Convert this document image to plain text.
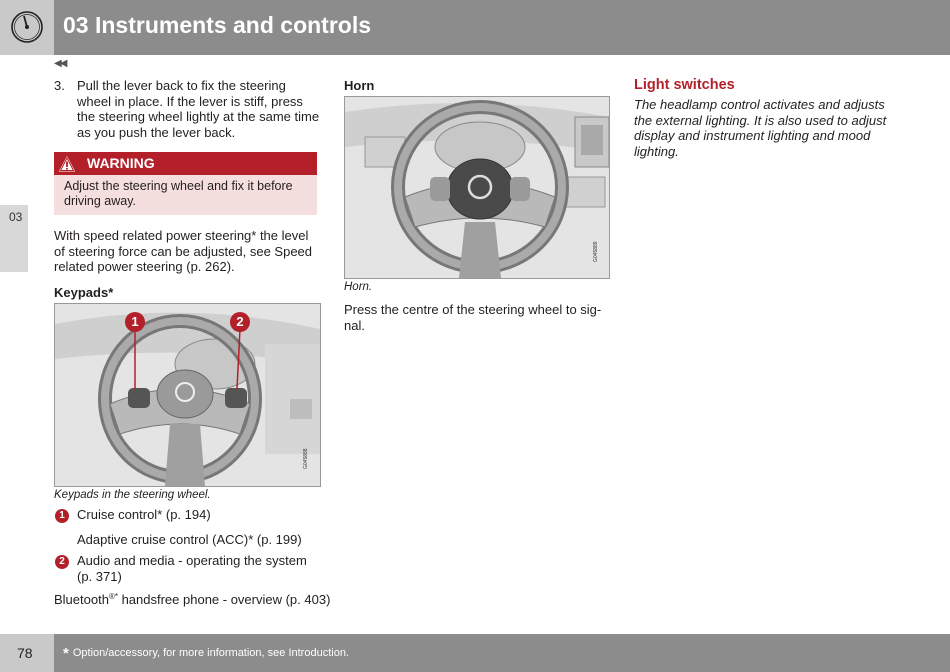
03 Instruments and controls
03
◀◀

3. Pull the lever back to fix the steering wheel in place. If the lever is stiff, press the steering wheel lightly at the same time as you push the lever back.

WARNING

Adjust the steering wheel and fix it before driving away.

With speed related power steering* the level of steering force can be adjusted, see Speed related power steering (p. 262).

Keypads*
G045888
1	2
Keypads in the steering wheel.
1 Cruise control* (p. 194)

Adaptive cruise control (ACC)* (p. 199)

2 Audio and media - operating the system (p. 371)

Bluetooth®* handsfree phone - overview (p. 403)

Horn
G045889
Horn.

Press the centre of the steering wheel to sig-nal.

Light switches

The headlamp control activates and adjusts the external lighting. It is also used to adjust display and instrument lighting and mood lighting.

78 * Option/accessory, for more information, see Introduction.
